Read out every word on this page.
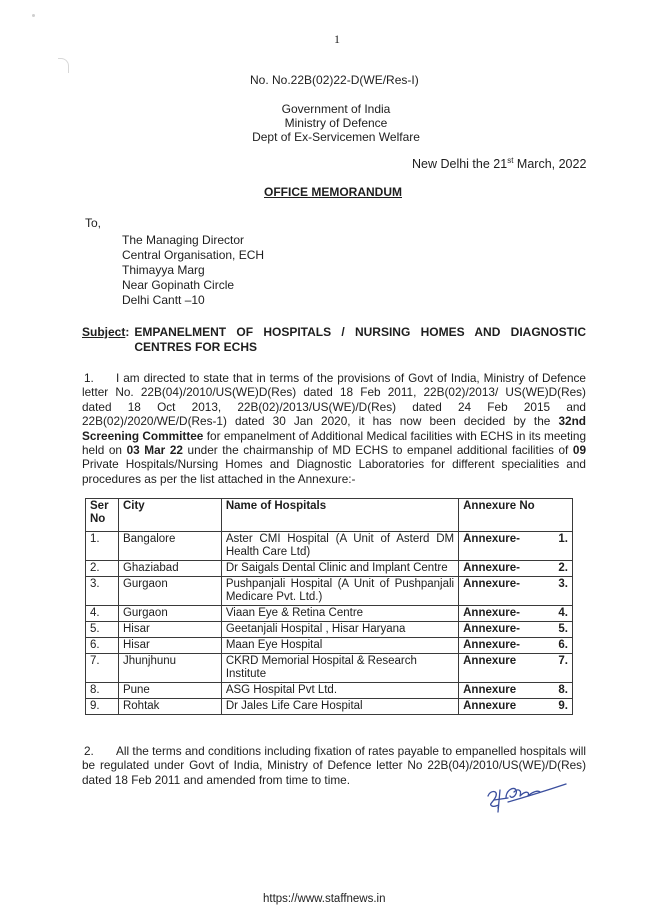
1
No. No.22B(02)22-D(WE/Res-I)
Government of India
Ministry of Defence
Dept of Ex-Servicemen Welfare
New Delhi the 21st March, 2022
OFFICE MEMORANDUM
To,
The Managing Director
Central Organisation, ECH
Thimayya Marg
Near Gopinath Circle
Delhi Cantt –10
Subject: EMPANELMENT OF HOSPITALS / NURSING HOMES AND DIAGNOSTIC CENTRES FOR ECHS
1. I am directed to state that in terms of the provisions of Govt of India, Ministry of Defence letter No. 22B(04)/2010/US(WE)D(Res) dated 18 Feb 2011, 22B(02)/2013/ US(WE)D(Res) dated 18 Oct 2013, 22B(02)/2013/US(WE)/D(Res) dated 24 Feb 2015 and 22B(02)/2020/WE/D(Res-1) dated 30 Jan 2020, it has now been decided by the 32nd Screening Committee for empanelment of Additional Medical facilities with ECHS in its meeting held on 03 Mar 22 under the chairmanship of MD ECHS to empanel additional facilities of 09 Private Hospitals/Nursing Homes and Diagnostic Laboratories for different specialities and procedures as per the list attached in the Annexure:-
Ser No	City	Name of Hospitals	Annexure No
1.	Bangalore	Aster CMI Hospital (A Unit of Asterd DM Health Care Ltd)	Annexure- 1.

2.	Ghaziabad	Dr Saigals Dental Clinic and Implant Centre	Annexure- 2.

3.	Gurgaon	Pushpanjali Hospital (A Unit of Pushpanjali Medicare Pvt. Ltd.)	Annexure- 3.

4.	Gurgaon	Viaan Eye & Retina Centre	Annexure- 4.

5.	Hisar	Geetanjali Hospital , Hisar Haryana	Annexure- 5.

6.	Hisar	Maan Eye Hospital	Annexure- 6.

7.	Jhunjhunu	CKRD Memorial Hospital & Research Institute	Annexure 7.

8.	Pune	ASG Hospital Pvt Ltd.	Annexure 8.

9.	Rohtak	Dr Jales Life Care Hospital	Annexure 9.
2. All the terms and conditions including fixation of rates payable to empanelled hospitals will be regulated under Govt of India, Ministry of Defence letter No 22B(04)/2010/US(WE)/D(Res) dated 18 Feb 2011 and amended from time to time.
https://www.staffnews.in
